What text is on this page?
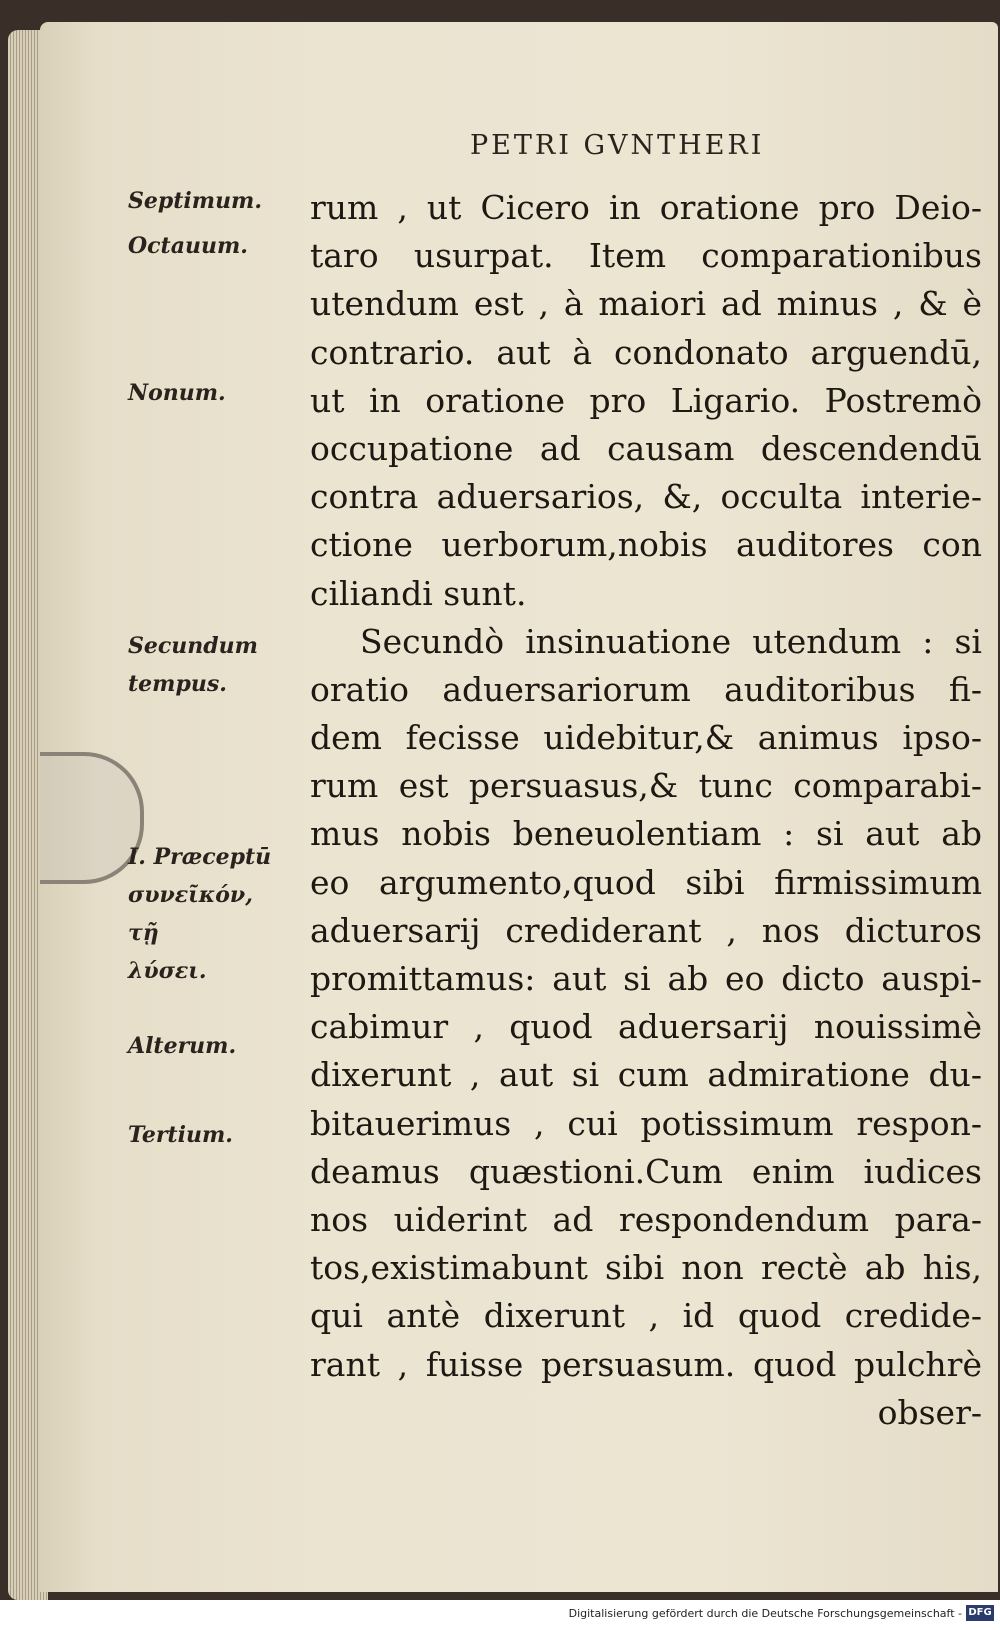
PETRI GVNTHERI
Septimum.
Octauum.
Nonum.
Secundum
tempus.
I. Præceptū
συνεῖκόν, τῇ
λύσει.
Alterum.
Tertium.
rum , ut Cicero in oratione pro Deio-
taro usurpat. Item comparationibus
utendum est , à maiori ad minus , & è
contrario. aut à condonato arguendū,
ut in oratione pro Ligario. Postremò
occupatione ad causam descendendū
contra aduersarios, &, occulta interie-
ctione uerborum,nobis auditores con
ciliandi sunt.
Secundò insinuatione utendum : si
oratio aduersariorum auditoribus fi-
dem fecisse uidebitur,& animus ipso-
rum est persuasus,& tunc comparabi-
mus nobis beneuolentiam : si aut ab
eo argumento,quod sibi firmissimum
aduersarij crediderant , nos dicturos
promittamus: aut si ab eo dicto auspi-
cabimur , quod aduersarij nouissimè
dixerunt , aut si cum admiratione du-
bitauerimus , cui potissimum respon-
deamus quæstioni.Cum enim iudices
nos uiderint ad respondendum para-
tos,existimabunt sibi non rectè ab his,
qui antè dixerunt , id quod credide-
rant , fuisse persuasum. quod pulchrè
obser-
Digitalisierung gefördert durch die Deutsche Forschungsgemeinschaft - DFG
